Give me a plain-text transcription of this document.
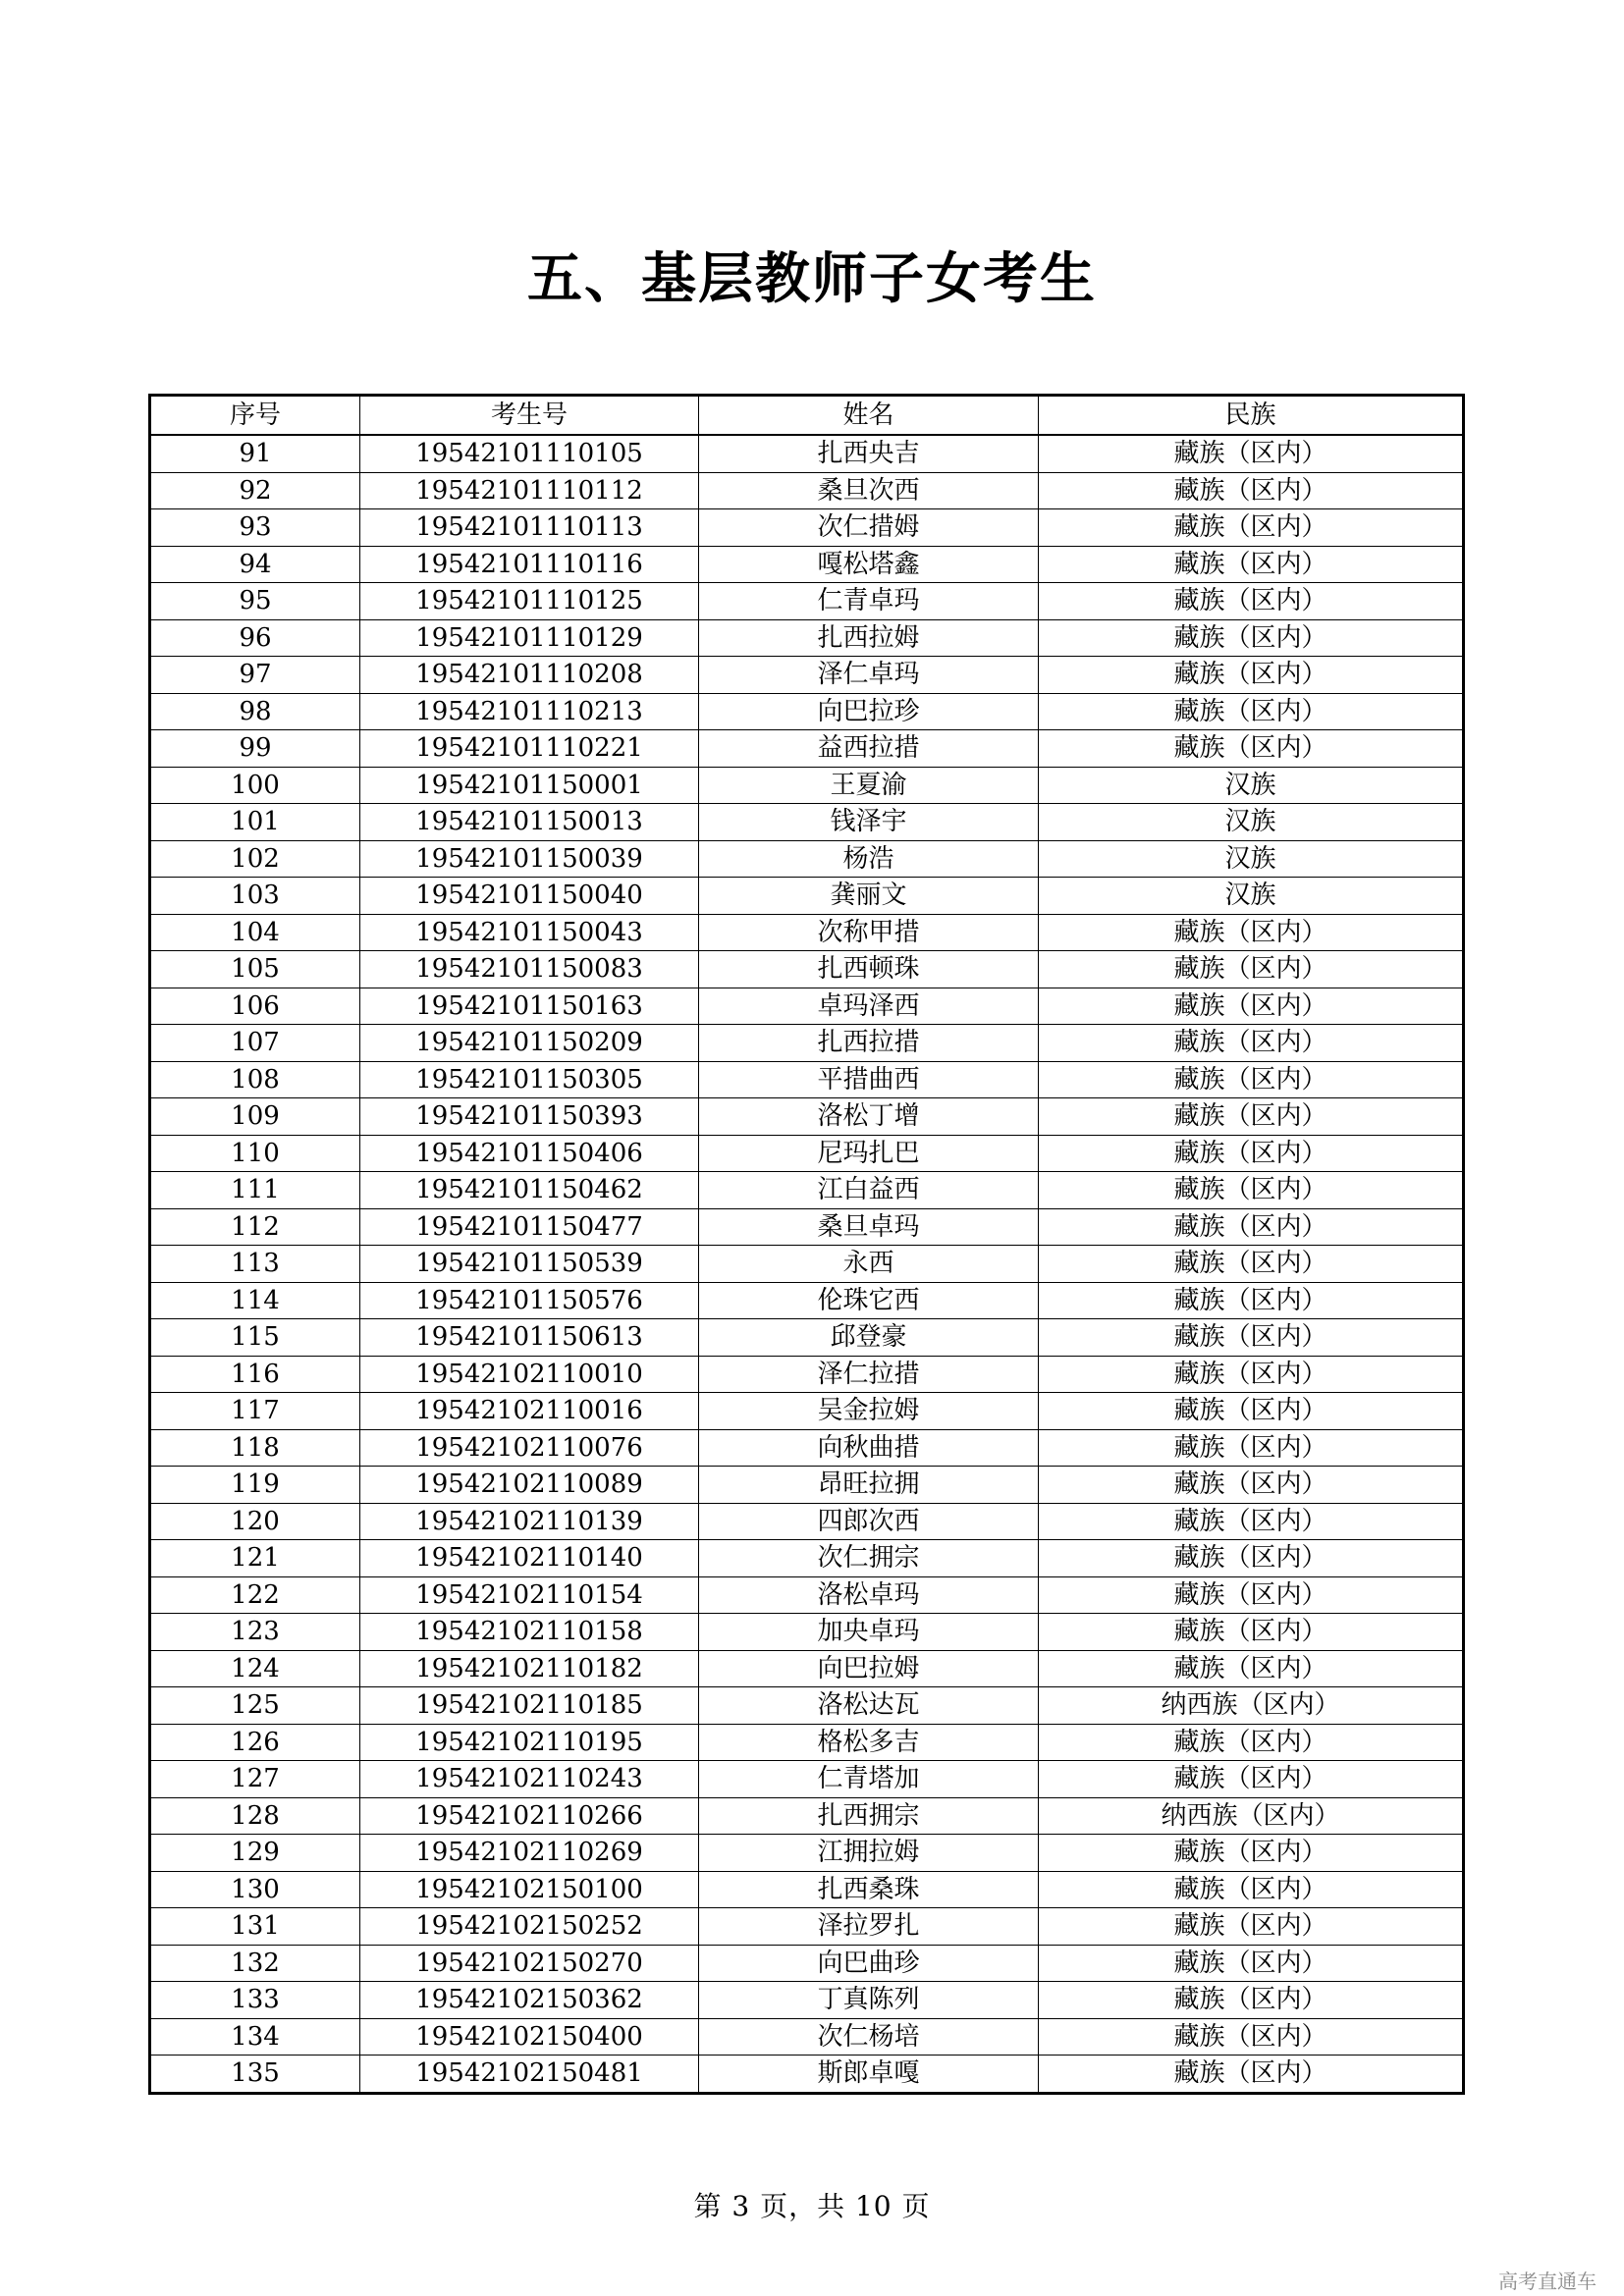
五、基层教师子女考生
序号	考生号	姓名	民族
91	19542101110105	扎西央吉	藏族（区内）
92	19542101110112	桑旦次西	藏族（区内）
93	19542101110113	次仁措姆	藏族（区内）
94	19542101110116	嘎松塔鑫	藏族（区内）
95	19542101110125	仁青卓玛	藏族（区内）
96	19542101110129	扎西拉姆	藏族（区内）
97	19542101110208	泽仁卓玛	藏族（区内）
98	19542101110213	向巴拉珍	藏族（区内）
99	19542101110221	益西拉措	藏族（区内）
100	19542101150001	王夏渝	汉族
101	19542101150013	钱泽宇	汉族
102	19542101150039	杨浩	汉族
103	19542101150040	龚丽文	汉族
104	19542101150043	次称甲措	藏族（区内）
105	19542101150083	扎西顿珠	藏族（区内）
106	19542101150163	卓玛泽西	藏族（区内）
107	19542101150209	扎西拉措	藏族（区内）
108	19542101150305	平措曲西	藏族（区内）
109	19542101150393	洛松丁增	藏族（区内）
110	19542101150406	尼玛扎巴	藏族（区内）
111	19542101150462	江白益西	藏族（区内）
112	19542101150477	桑旦卓玛	藏族（区内）
113	19542101150539	永西	藏族（区内）
114	19542101150576	伦珠它西	藏族（区内）
115	19542101150613	邱登豪	藏族（区内）
116	19542102110010	泽仁拉措	藏族（区内）
117	19542102110016	吴金拉姆	藏族（区内）
118	19542102110076	向秋曲措	藏族（区内）
119	19542102110089	昂旺拉拥	藏族（区内）
120	19542102110139	四郎次西	藏族（区内）
121	19542102110140	次仁拥宗	藏族（区内）
122	19542102110154	洛松卓玛	藏族（区内）
123	19542102110158	加央卓玛	藏族（区内）
124	19542102110182	向巴拉姆	藏族（区内）
125	19542102110185	洛松达瓦	纳西族（区内）
126	19542102110195	格松多吉	藏族（区内）
127	19542102110243	仁青塔加	藏族（区内）
128	19542102110266	扎西拥宗	纳西族（区内）
129	19542102110269	江拥拉姆	藏族（区内）
130	19542102150100	扎西桑珠	藏族（区内）
131	19542102150252	泽拉罗扎	藏族（区内）
132	19542102150270	向巴曲珍	藏族（区内）
133	19542102150362	丁真陈列	藏族（区内）
134	19542102150400	次仁杨培	藏族（区内）
135	19542102150481	斯郎卓嘎	藏族（区内）
第 3 页，共 10 页
高考直通车
